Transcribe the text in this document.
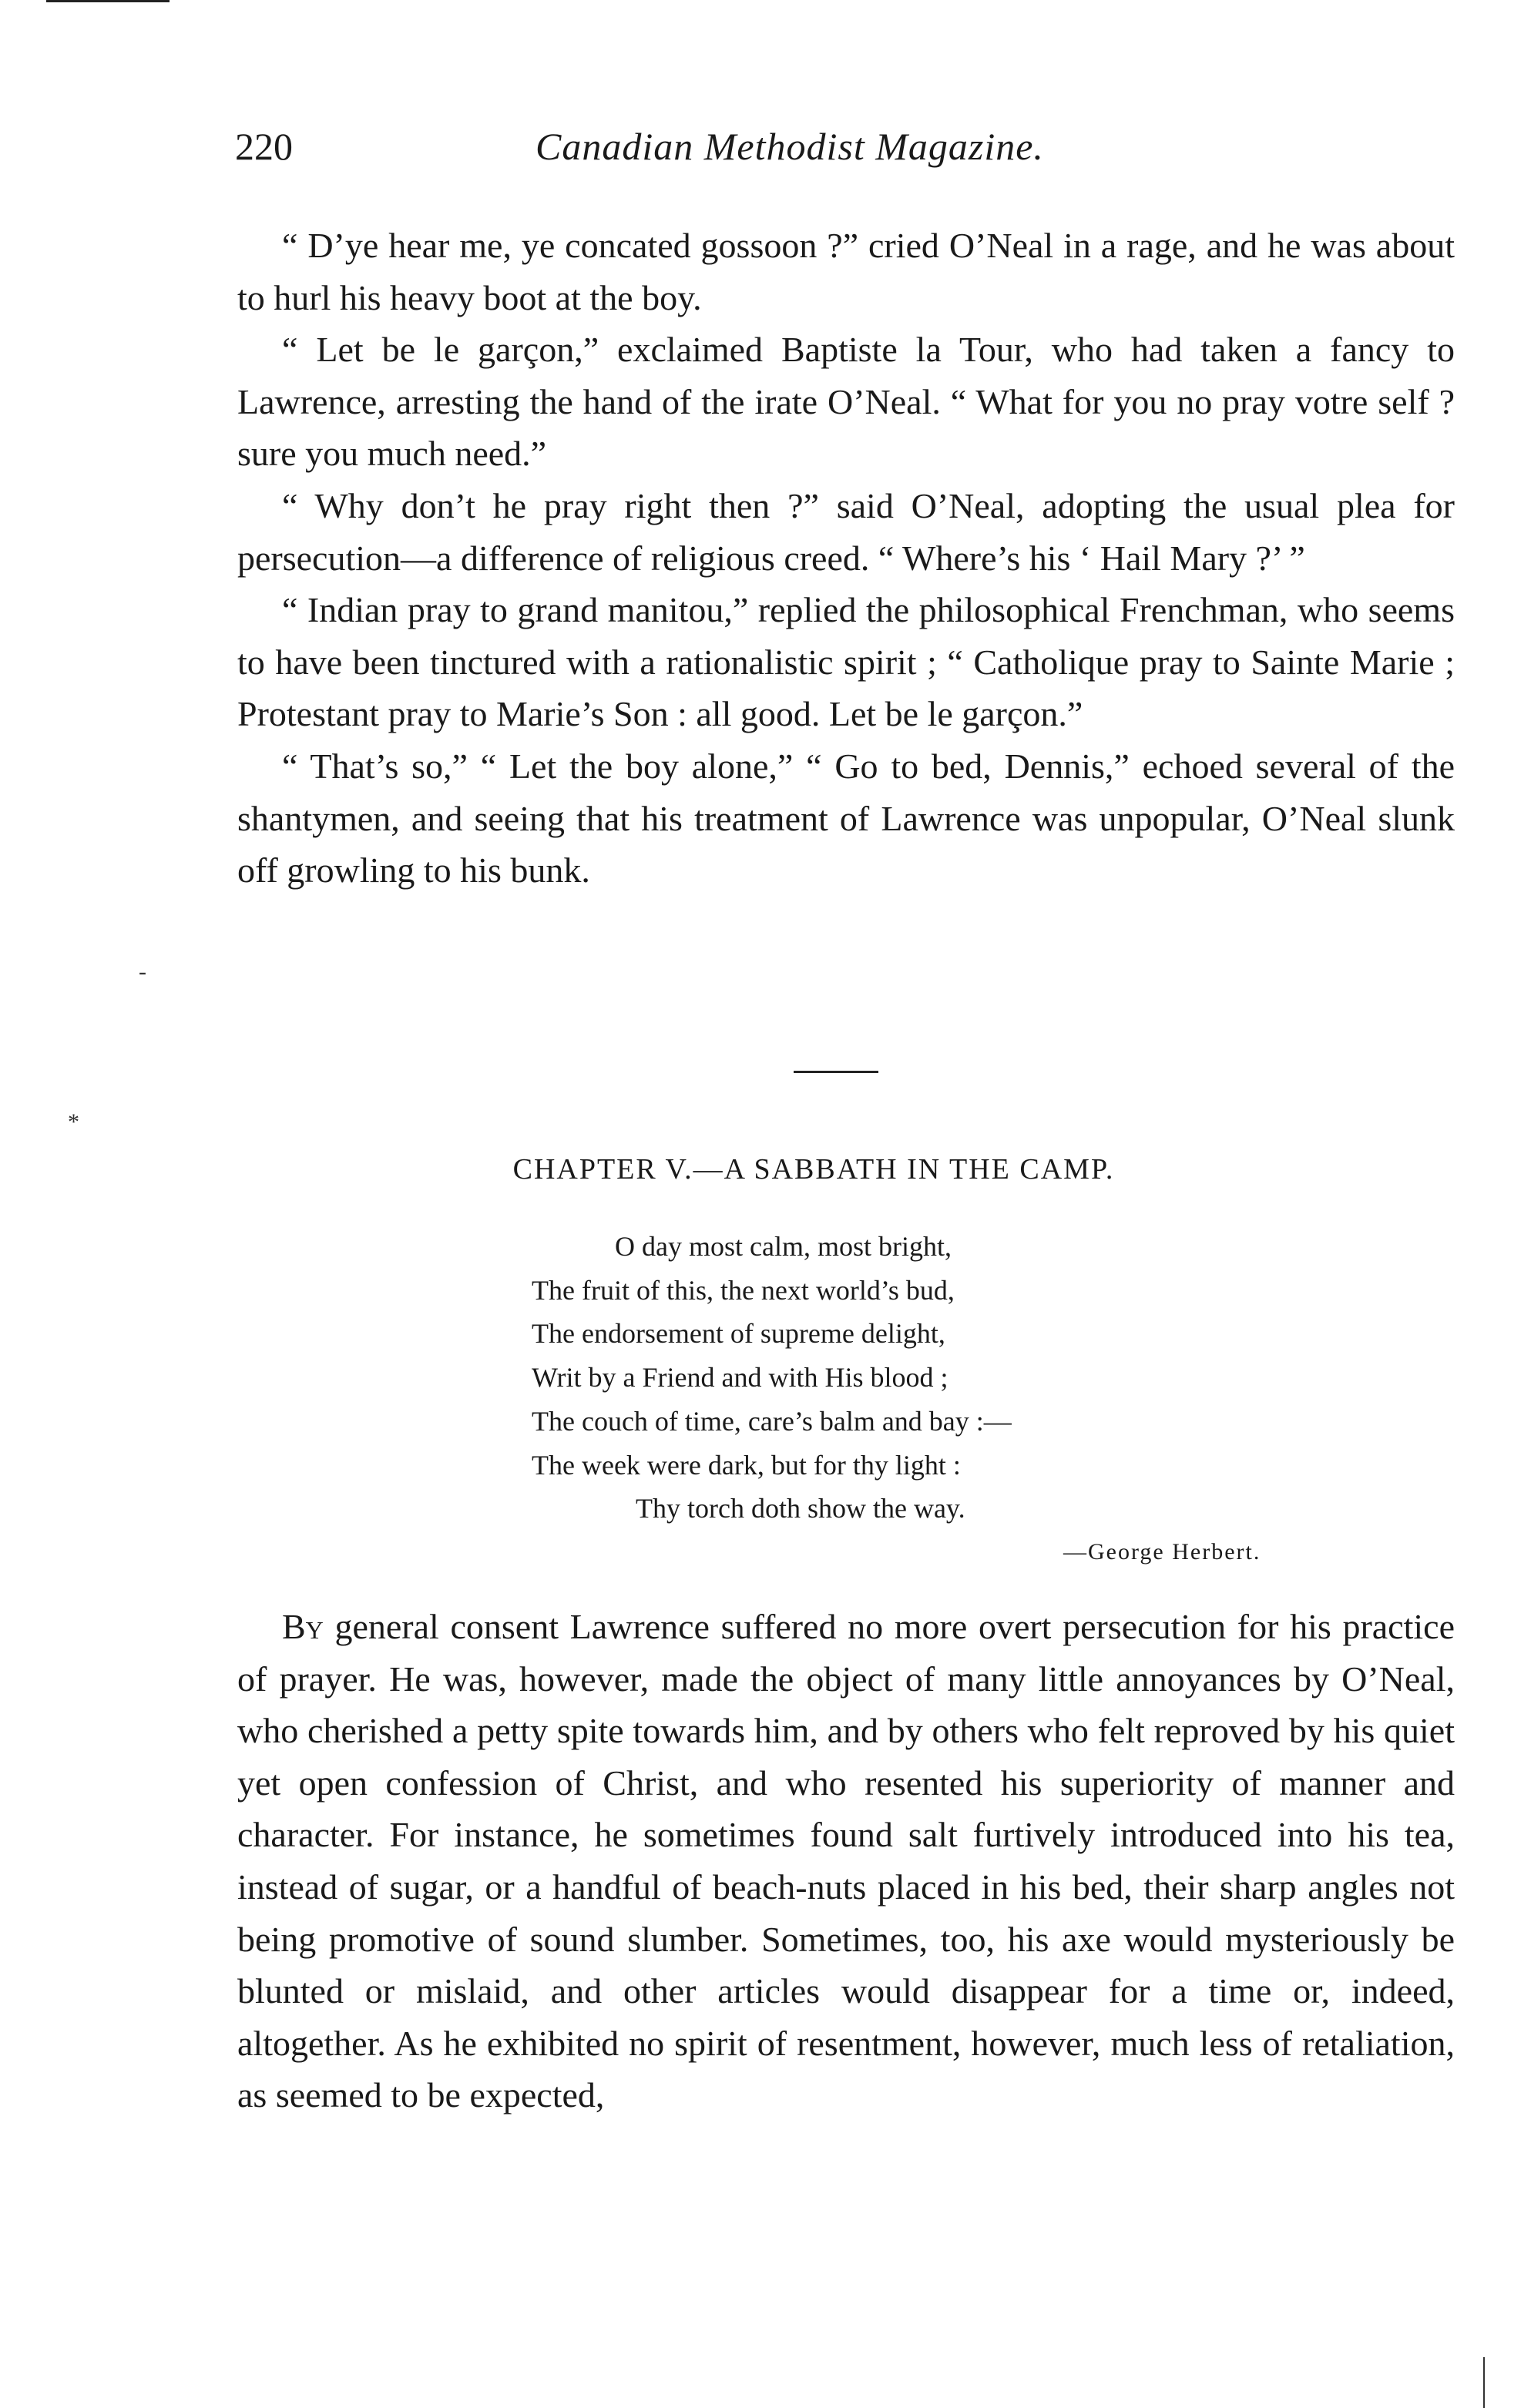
220	Canadian Methodist Magazine.

“ D’ye hear me, ye concated gossoon ?” cried O’Neal in a rage, and he was about to hurl his heavy boot at the boy.

“ Let be le garçon,” exclaimed Baptiste la Tour, who had taken a fancy to Lawrence, arresting the hand of the irate O’Neal. “ What for you no pray votre self ? sure you much need.”

“ Why don’t he pray right then ?” said O’Neal, adopting the usual plea for persecution—a difference of religious creed. “ Where’s his ‘ Hail Mary ?’ ”

“ Indian pray to grand manitou,” replied the philosophical Frenchman, who seems to have been tinctured with a rationalistic spirit ; “ Catholique pray to Sainte Marie ; Protestant pray to Marie’s Son : all good. Let be le garçon.”

“ That’s so,” “ Let the boy alone,” “ Go to bed, Dennis,” echoed several of the shantymen, and seeing that his treatment of Lawrence was unpopular, O’Neal slunk off growling to his bunk.

-
*
CHAPTER V.—A SABBATH IN THE CAMP.
O day most calm, most bright,
The fruit of this, the next world’s bud,
The endorsement of supreme delight,
Writ by a Friend and with His blood ;
The couch of time, care’s balm and bay :—
The week were dark, but for thy light :
Thy torch doth show the way.
—George Herbert.

By general consent Lawrence suffered no more overt persecution for his practice of prayer. He was, however, made the object of many little annoyances by O’Neal, who cherished a petty spite towards him, and by others who felt reproved by his quiet yet open confession of Christ, and who resented his superiority of manner and character. For instance, he sometimes found salt furtively introduced into his tea, instead of sugar, or a handful of beach-nuts placed in his bed, their sharp angles not being promotive of sound slumber. Sometimes, too, his axe would mysteriously be blunted or mislaid, and other articles would disappear for a time or, indeed, altogether. As he exhibited no spirit of resentment, however, much less of retaliation, as seemed to be expected,
